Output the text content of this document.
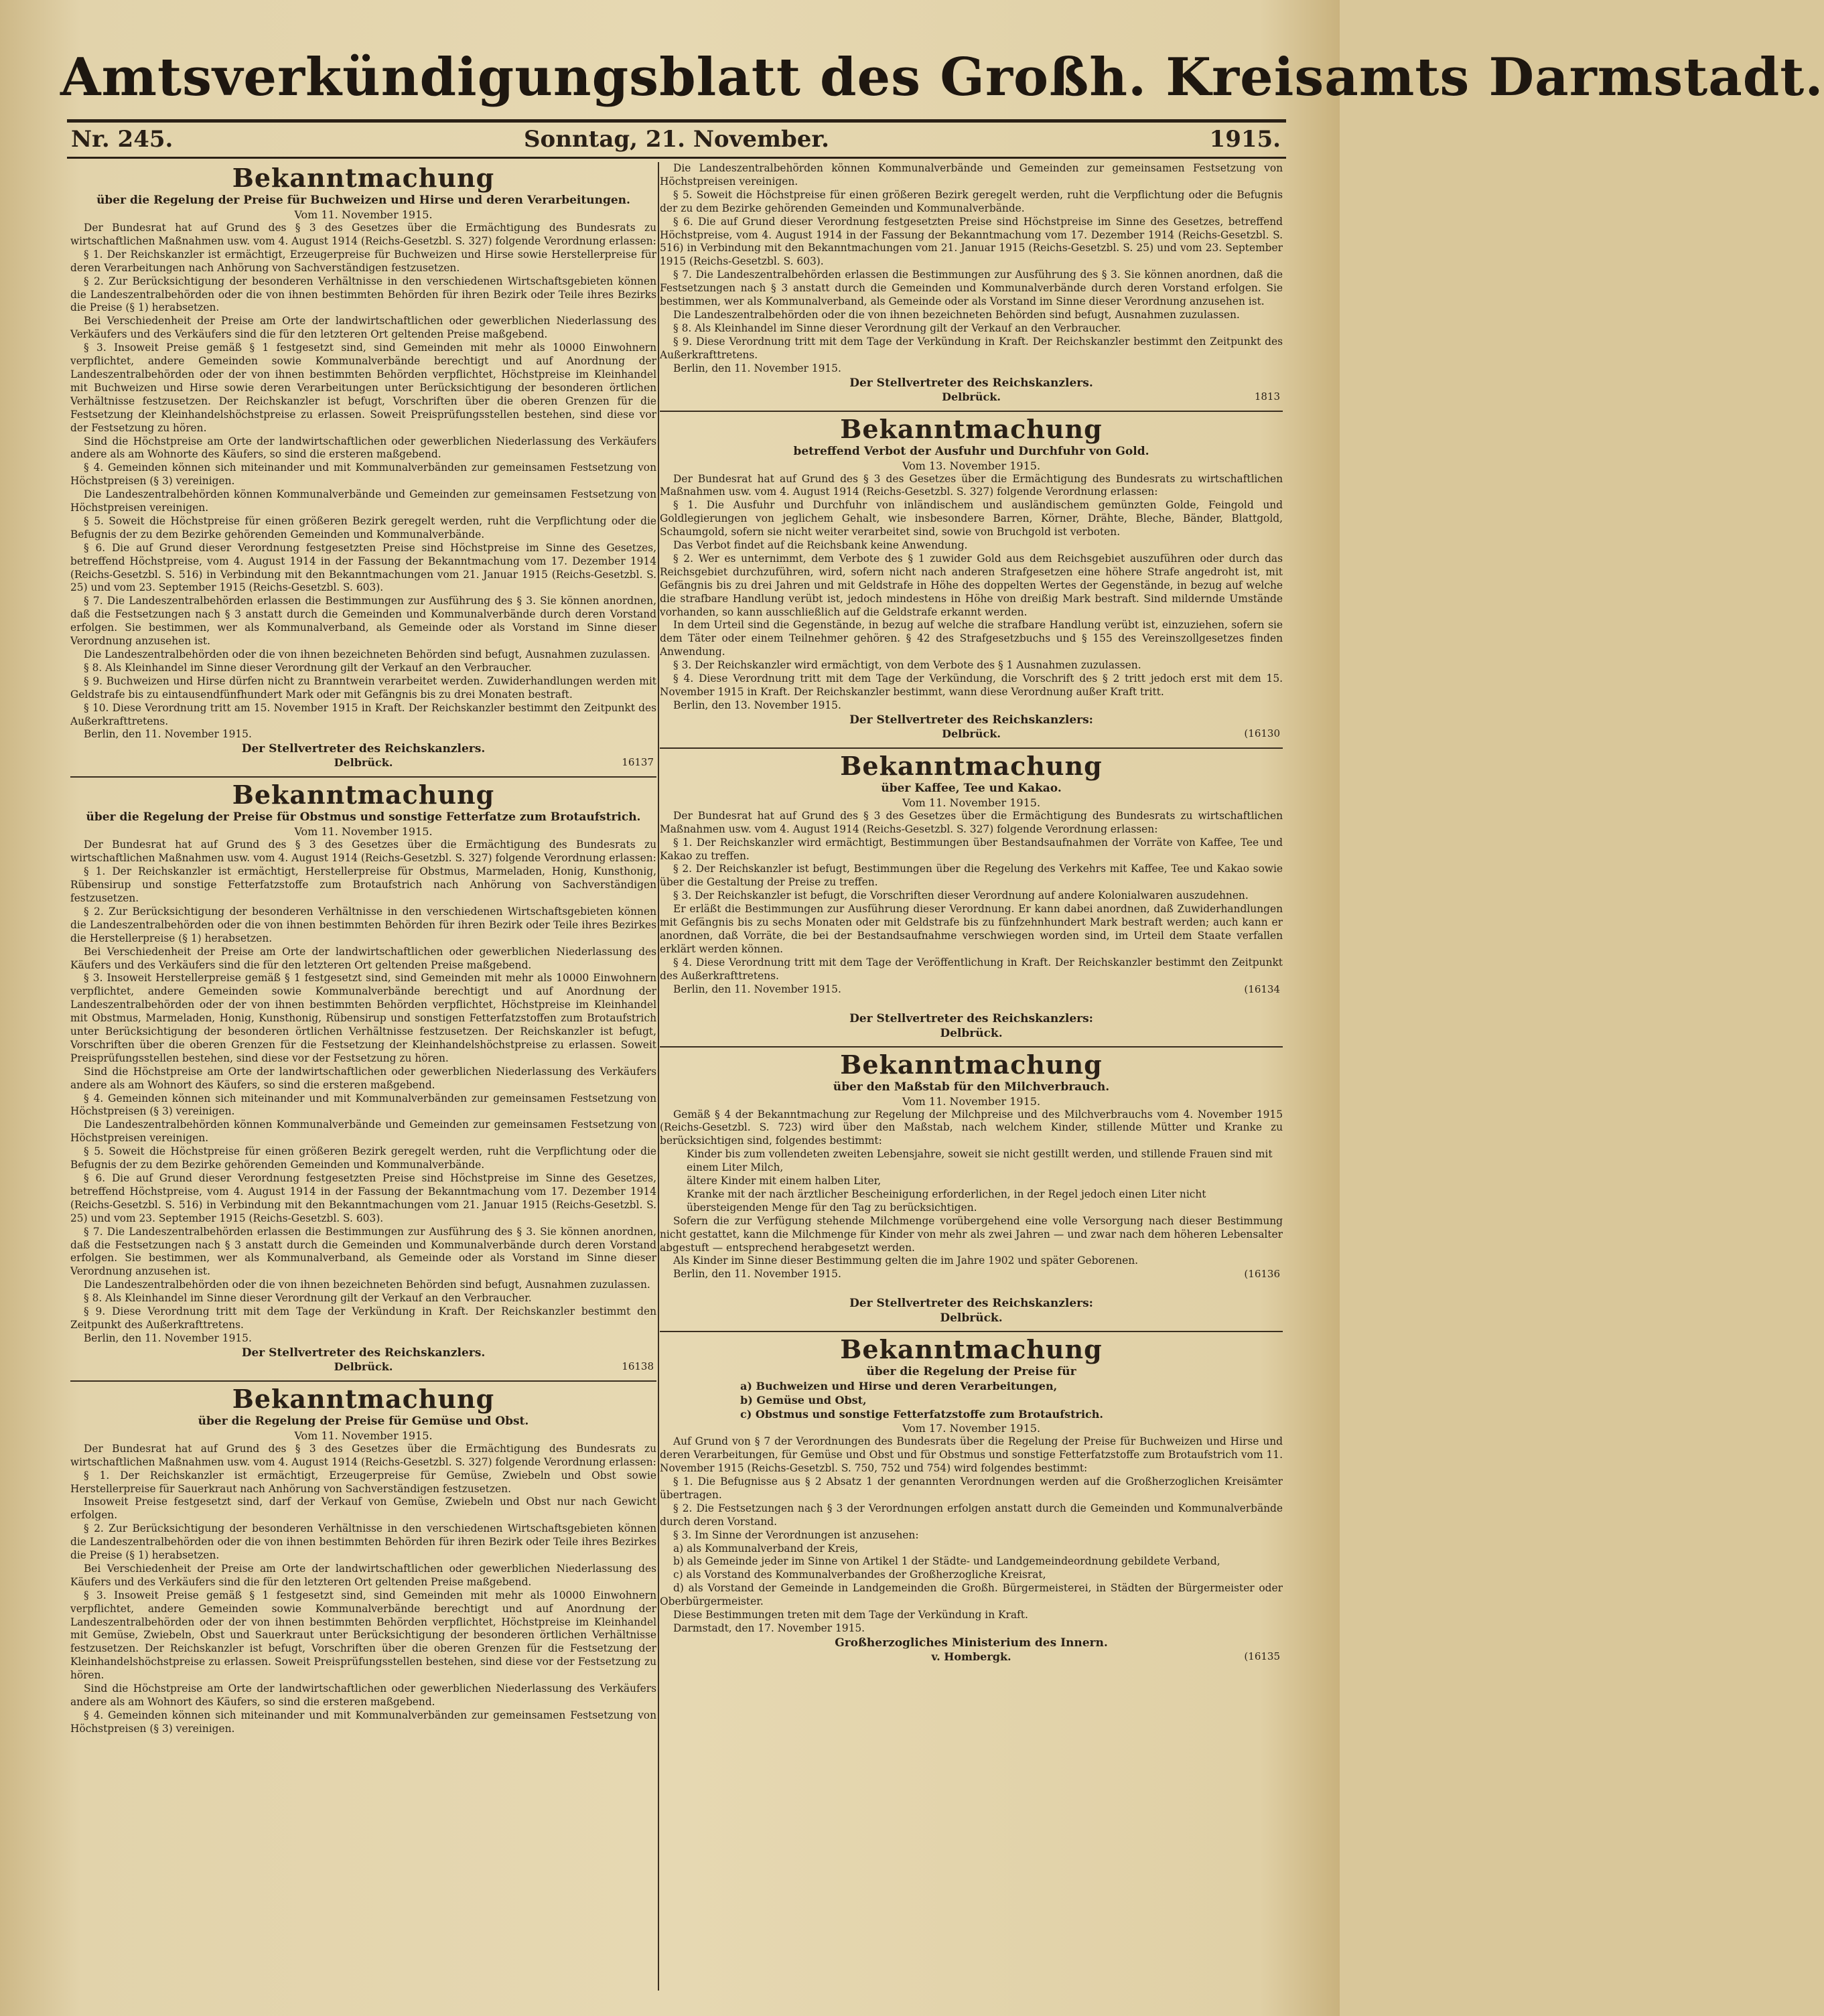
Amtsverkündigungsblatt des Großh. Kreisamts Darmstadt.
Nr. 245.	Sonntag, 21. November.	1915.

Bekanntmachung

über die Regelung der Preise für Buchweizen und Hirse und deren Verarbeitungen.

Vom 11. November 1915.

Der Bundesrat hat auf Grund des § 3 des Gesetzes über die Ermächtigung des Bundesrats zu wirtschaftlichen Maßnahmen usw. vom 4. August 1914 (Reichs-Gesetzbl. S. 327) folgende Verordnung erlassen:

§ 1. Der Reichskanzler ist ermächtigt, Erzeugerpreise für Buchweizen und Hirse sowie Herstellerpreise für deren Verarbeitungen nach Anhörung von Sachverständigen festzusetzen.

§ 2. Zur Berücksichtigung der besonderen Verhältnisse in den verschiedenen Wirtschaftsgebieten können die Landeszentralbehörden oder die von ihnen bestimmten Behörden für ihren Bezirk oder Teile ihres Bezirks die Preise (§ 1) herabsetzen.

Bei Verschiedenheit der Preise am Orte der landwirtschaftlichen oder gewerblichen Niederlassung des Verkäufers und des Verkäufers sind die für den letzteren Ort geltenden Preise maßgebend.

§ 3. Insoweit Preise gemäß § 1 festgesetzt sind, sind Gemeinden mit mehr als 10000 Einwohnern verpflichtet, andere Gemeinden sowie Kommunalverbände berechtigt und auf Anordnung der Landeszentralbehörden oder der von ihnen bestimmten Behörden verpflichtet, Höchstpreise im Kleinhandel mit Buchweizen und Hirse sowie deren Verarbeitungen unter Berücksichtigung der besonderen örtlichen Verhältnisse festzusetzen. Der Reichskanzler ist befugt, Vorschriften über die oberen Grenzen für die Festsetzung der Kleinhandelshöchstpreise zu erlassen. Soweit Preisprüfungsstellen bestehen, sind diese vor der Festsetzung zu hören.

Sind die Höchstpreise am Orte der landwirtschaftlichen oder gewerblichen Niederlassung des Verkäufers andere als am Wohnorte des Käufers, so sind die ersteren maßgebend.

§ 4. Gemeinden können sich miteinander und mit Kommunalverbänden zur gemeinsamen Festsetzung von Höchstpreisen (§ 3) vereinigen.

Die Landeszentralbehörden können Kommunalverbände und Gemeinden zur gemeinsamen Festsetzung von Höchstpreisen vereinigen.

§ 5. Soweit die Höchstpreise für einen größeren Bezirk geregelt werden, ruht die Verpflichtung oder die Befugnis der zu dem Bezirke gehörenden Gemeinden und Kommunalverbände.

§ 6. Die auf Grund dieser Verordnung festgesetzten Preise sind Höchstpreise im Sinne des Gesetzes, betreffend Höchstpreise, vom 4. August 1914 in der Fassung der Bekanntmachung vom 17. Dezember 1914 (Reichs-Gesetzbl. S. 516) in Verbindung mit den Bekanntmachungen vom 21. Januar 1915 (Reichs-Gesetzbl. S. 25) und vom 23. September 1915 (Reichs-Gesetzbl. S. 603).

§ 7. Die Landeszentralbehörden erlassen die Bestimmungen zur Ausführung des § 3. Sie können anordnen, daß die Festsetzungen nach § 3 anstatt durch die Gemeinden und Kommunalverbände durch deren Vorstand erfolgen. Sie bestimmen, wer als Kommunalverband, als Gemeinde oder als Vorstand im Sinne dieser Verordnung anzusehen ist.

Die Landeszentralbehörden oder die von ihnen bezeichneten Behörden sind befugt, Ausnahmen zuzulassen.

§ 8. Als Kleinhandel im Sinne dieser Verordnung gilt der Verkauf an den Verbraucher.

§ 9. Buchweizen und Hirse dürfen nicht zu Branntwein verarbeitet werden. Zuwiderhandlungen werden mit Geldstrafe bis zu eintausendfünfhundert Mark oder mit Gefängnis bis zu drei Monaten bestraft.

§ 10. Diese Verordnung tritt am 15. November 1915 in Kraft. Der Reichskanzler bestimmt den Zeitpunkt des Außerkrafttretens.

Berlin, den 11. November 1915.

Der Stellvertreter des Reichskanzlers.

Delbrück.	16137

Bekanntmachung

über die Regelung der Preise für Obstmus und sonstige Fetterfatze zum Brotaufstrich.

Vom 11. November 1915.

Der Bundesrat hat auf Grund des § 3 des Gesetzes über die Ermächtigung des Bundesrats zu wirtschaftlichen Maßnahmen usw. vom 4. August 1914 (Reichs-Gesetzbl. S. 327) folgende Verordnung erlassen:

§ 1. Der Reichskanzler ist ermächtigt, Herstellerpreise für Obstmus, Marmeladen, Honig, Kunsthonig, Rübensirup und sonstige Fetterfatzstoffe zum Brotaufstrich nach Anhörung von Sachverständigen festzusetzen.

§ 2. Zur Berücksichtigung der besonderen Verhältnisse in den verschiedenen Wirtschaftsgebieten können die Landeszentralbehörden oder die von ihnen bestimmten Behörden für ihren Bezirk oder Teile ihres Bezirkes die Herstellerpreise (§ 1) herabsetzen.

Bei Verschiedenheit der Preise am Orte der landwirtschaftlichen oder gewerblichen Niederlassung des Käufers und des Verkäufers sind die für den letzteren Ort geltenden Preise maßgebend.

§ 3. Insoweit Herstellerpreise gemäß § 1 festgesetzt sind, sind Gemeinden mit mehr als 10000 Einwohnern verpflichtet, andere Gemeinden sowie Kommunalverbände berechtigt und auf Anordnung der Landeszentralbehörden oder der von ihnen bestimmten Behörden verpflichtet, Höchstpreise im Kleinhandel mit Obstmus, Marmeladen, Honig, Kunsthonig, Rübensirup und sonstigen Fetterfatzstoffen zum Brotaufstrich unter Berücksichtigung der besonderen örtlichen Verhältnisse festzusetzen. Der Reichskanzler ist befugt, Vorschriften über die oberen Grenzen für die Festsetzung der Kleinhandelshöchstpreise zu erlassen. Soweit Preisprüfungsstellen bestehen, sind diese vor der Festsetzung zu hören.

Sind die Höchstpreise am Orte der landwirtschaftlichen oder gewerblichen Niederlassung des Verkäufers andere als am Wohnort des Käufers, so sind die ersteren maßgebend.

§ 4. Gemeinden können sich miteinander und mit Kommunalverbänden zur gemeinsamen Festsetzung von Höchstpreisen (§ 3) vereinigen.

Die Landeszentralbehörden können Kommunalverbände und Gemeinden zur gemeinsamen Festsetzung von Höchstpreisen vereinigen.

§ 5. Soweit die Höchstpreise für einen größeren Bezirk geregelt werden, ruht die Verpflichtung oder die Befugnis der zu dem Bezirke gehörenden Gemeinden und Kommunalverbände.

§ 6. Die auf Grund dieser Verordnung festgesetzten Preise sind Höchstpreise im Sinne des Gesetzes, betreffend Höchstpreise, vom 4. August 1914 in der Fassung der Bekanntmachung vom 17. Dezember 1914 (Reichs-Gesetzbl. S. 516) in Verbindung mit den Bekanntmachungen vom 21. Januar 1915 (Reichs-Gesetzbl. S. 25) und vom 23. September 1915 (Reichs-Gesetzbl. S. 603).

§ 7. Die Landeszentralbehörden erlassen die Bestimmungen zur Ausführung des § 3. Sie können anordnen, daß die Festsetzungen nach § 3 anstatt durch die Gemeinden und Kommunalverbände durch deren Vorstand erfolgen. Sie bestimmen, wer als Kommunalverband, als Gemeinde oder als Vorstand im Sinne dieser Verordnung anzusehen ist.

Die Landeszentralbehörden oder die von ihnen bezeichneten Behörden sind befugt, Ausnahmen zuzulassen.

§ 8. Als Kleinhandel im Sinne dieser Verordnung gilt der Verkauf an den Verbraucher.

§ 9. Diese Verordnung tritt mit dem Tage der Verkündung in Kraft. Der Reichskanzler bestimmt den Zeitpunkt des Außerkrafttretens.

Berlin, den 11. November 1915.

Der Stellvertreter des Reichskanzlers.

Delbrück.	16138

Bekanntmachung

über die Regelung der Preise für Gemüse und Obst.

Vom 11. November 1915.

Der Bundesrat hat auf Grund des § 3 des Gesetzes über die Ermächtigung des Bundesrats zu wirtschaftlichen Maßnahmen usw. vom 4. August 1914 (Reichs-Gesetzbl. S. 327) folgende Verordnung erlassen:

§ 1. Der Reichskanzler ist ermächtigt, Erzeugerpreise für Gemüse, Zwiebeln und Obst sowie Herstellerpreise für Sauerkraut nach Anhörung von Sachverständigen festzusetzen.

Insoweit Preise festgesetzt sind, darf der Verkauf von Gemüse, Zwiebeln und Obst nur nach Gewicht erfolgen.

§ 2. Zur Berücksichtigung der besonderen Verhältnisse in den verschiedenen Wirtschaftsgebieten können die Landeszentralbehörden oder die von ihnen bestimmten Behörden für ihren Bezirk oder Teile ihres Bezirkes die Preise (§ 1) herabsetzen.

Bei Verschiedenheit der Preise am Orte der landwirtschaftlichen oder gewerblichen Niederlassung des Käufers und des Verkäufers sind die für den letzteren Ort geltenden Preise maßgebend.

§ 3. Insoweit Preise gemäß § 1 festgesetzt sind, sind Gemeinden mit mehr als 10000 Einwohnern verpflichtet, andere Gemeinden sowie Kommunalverbände berechtigt und auf Anordnung der Landeszentralbehörden oder der von ihnen bestimmten Behörden verpflichtet, Höchstpreise im Kleinhandel mit Gemüse, Zwiebeln, Obst und Sauerkraut unter Berücksichtigung der besonderen örtlichen Verhältnisse festzusetzen. Der Reichskanzler ist befugt, Vorschriften über die oberen Grenzen für die Festsetzung der Kleinhandelshöchstpreise zu erlassen. Soweit Preisprüfungsstellen bestehen, sind diese vor der Festsetzung zu hören.

Sind die Höchstpreise am Orte der landwirtschaftlichen oder gewerblichen Niederlassung des Verkäufers andere als am Wohnort des Käufers, so sind die ersteren maßgebend.

§ 4. Gemeinden können sich miteinander und mit Kommunalverbänden zur gemeinsamen Festsetzung von Höchstpreisen (§ 3) vereinigen.

Die Landeszentralbehörden können Kommunalverbände und Gemeinden zur gemeinsamen Festsetzung von Höchstpreisen vereinigen.

§ 5. Soweit die Höchstpreise für einen größeren Bezirk geregelt werden, ruht die Verpflichtung oder die Befugnis der zu dem Bezirke gehörenden Gemeinden und Kommunalverbände.

§ 6. Die auf Grund dieser Verordnung festgesetzten Preise sind Höchstpreise im Sinne des Gesetzes, betreffend Höchstpreise, vom 4. August 1914 in der Fassung der Bekanntmachung vom 17. Dezember 1914 (Reichs-Gesetzbl. S. 516) in Verbindung mit den Bekanntmachungen vom 21. Januar 1915 (Reichs-Gesetzbl. S. 25) und vom 23. September 1915 (Reichs-Gesetzbl. S. 603).

§ 7. Die Landeszentralbehörden erlassen die Bestimmungen zur Ausführung des § 3. Sie können anordnen, daß die Festsetzungen nach § 3 anstatt durch die Gemeinden und Kommunalverbände durch deren Vorstand erfolgen. Sie bestimmen, wer als Kommunalverband, als Gemeinde oder als Vorstand im Sinne dieser Verordnung anzusehen ist.

Die Landeszentralbehörden oder die von ihnen bezeichneten Behörden sind befugt, Ausnahmen zuzulassen.

§ 8. Als Kleinhandel im Sinne dieser Verordnung gilt der Verkauf an den Verbraucher.

§ 9. Diese Verordnung tritt mit dem Tage der Verkündung in Kraft. Der Reichskanzler bestimmt den Zeitpunkt des Außerkrafttretens.

Berlin, den 11. November 1915.

Der Stellvertreter des Reichskanzlers.

Delbrück.	1813

Bekanntmachung

betreffend Verbot der Ausfuhr und Durchfuhr von Gold.

Vom 13. November 1915.

Der Bundesrat hat auf Grund des § 3 des Gesetzes über die Ermächtigung des Bundesrats zu wirtschaftlichen Maßnahmen usw. vom 4. August 1914 (Reichs-Gesetzbl. S. 327) folgende Verordnung erlassen:

§ 1. Die Ausfuhr und Durchfuhr von inländischem und ausländischem gemünzten Golde, Feingold und Goldlegierungen von jeglichem Gehalt, wie insbesondere Barren, Körner, Drähte, Bleche, Bänder, Blattgold, Schaumgold, sofern sie nicht weiter verarbeitet sind, sowie von Bruchgold ist verboten.

Das Verbot findet auf die Reichsbank keine Anwendung.

§ 2. Wer es unternimmt, dem Verbote des § 1 zuwider Gold aus dem Reichsgebiet auszuführen oder durch das Reichsgebiet durchzuführen, wird, sofern nicht nach anderen Strafgesetzen eine höhere Strafe angedroht ist, mit Gefängnis bis zu drei Jahren und mit Geldstrafe in Höhe des doppelten Wertes der Gegenstände, in bezug auf welche die strafbare Handlung verübt ist, jedoch mindestens in Höhe von dreißig Mark bestraft. Sind mildernde Umstände vorhanden, so kann ausschließlich auf die Geldstrafe erkannt werden.

In dem Urteil sind die Gegenstände, in bezug auf welche die strafbare Handlung verübt ist, einzuziehen, sofern sie dem Täter oder einem Teilnehmer gehören. § 42 des Strafgesetzbuchs und § 155 des Vereinszollgesetzes finden Anwendung.

§ 3. Der Reichskanzler wird ermächtigt, von dem Verbote des § 1 Ausnahmen zuzulassen.

§ 4. Diese Verordnung tritt mit dem Tage der Verkündung, die Vorschrift des § 2 tritt jedoch erst mit dem 15. November 1915 in Kraft. Der Reichskanzler bestimmt, wann diese Verordnung außer Kraft tritt.

Berlin, den 13. November 1915.

Der Stellvertreter des Reichskanzlers:

Delbrück.	(16130

Bekanntmachung

über Kaffee, Tee und Kakao.

Vom 11. November 1915.

Der Bundesrat hat auf Grund des § 3 des Gesetzes über die Ermächtigung des Bundesrats zu wirtschaftlichen Maßnahmen usw. vom 4. August 1914 (Reichs-Gesetzbl. S. 327) folgende Verordnung erlassen:

§ 1. Der Reichskanzler wird ermächtigt, Bestimmungen über Bestandsaufnahmen der Vorräte von Kaffee, Tee und Kakao zu treffen.

§ 2. Der Reichskanzler ist befugt, Bestimmungen über die Regelung des Verkehrs mit Kaffee, Tee und Kakao sowie über die Gestaltung der Preise zu treffen.

§ 3. Der Reichskanzler ist befugt, die Vorschriften dieser Verordnung auf andere Kolonialwaren auszudehnen.

Er erläßt die Bestimmungen zur Ausführung dieser Verordnung. Er kann dabei anordnen, daß Zuwiderhandlungen mit Gefängnis bis zu sechs Monaten oder mit Geldstrafe bis zu fünfzehnhundert Mark bestraft werden; auch kann er anordnen, daß Vorräte, die bei der Bestandsaufnahme verschwiegen worden sind, im Urteil dem Staate verfallen erklärt werden können.

§ 4. Diese Verordnung tritt mit dem Tage der Veröffentlichung in Kraft. Der Reichskanzler bestimmt den Zeitpunkt des Außerkrafttretens.

Berlin, den 11. November 1915.	(16134

Der Stellvertreter des Reichskanzlers:

Delbrück.

Bekanntmachung

über den Maßstab für den Milchverbrauch.

Vom 11. November 1915.

Gemäß § 4 der Bekanntmachung zur Regelung der Milchpreise und des Milchverbrauchs vom 4. November 1915 (Reichs-Gesetzbl. S. 723) wird über den Maßstab, nach welchem Kinder, stillende Mütter und Kranke zu berücksichtigen sind, folgendes bestimmt:

Kinder bis zum vollendeten zweiten Lebensjahre, soweit sie nicht gestillt werden, und stillende Frauen sind mit einem Liter Milch,

ältere Kinder mit einem halben Liter,

Kranke mit der nach ärztlicher Bescheinigung erforderlichen, in der Regel jedoch einen Liter nicht übersteigenden Menge für den Tag zu berücksichtigen.

Sofern die zur Verfügung stehende Milchmenge vorübergehend eine volle Versorgung nach dieser Bestimmung nicht gestattet, kann die Milchmenge für Kinder von mehr als zwei Jahren — und zwar nach dem höheren Lebensalter abgestuft — entsprechend herabgesetzt werden.

Als Kinder im Sinne dieser Bestimmung gelten die im Jahre 1902 und später Geborenen.

Berlin, den 11. November 1915.	(16136

Der Stellvertreter des Reichskanzlers:

Delbrück.

Bekanntmachung

über die Regelung der Preise für

a) Buchweizen und Hirse und deren Verarbeitungen,

b) Gemüse und Obst,

c) Obstmus und sonstige Fetterfatzstoffe zum Brotaufstrich.

Vom 17. November 1915.

Auf Grund von § 7 der Verordnungen des Bundesrats über die Regelung der Preise für Buchweizen und Hirse und deren Verarbeitungen, für Gemüse und Obst und für Obstmus und sonstige Fetterfatzstoffe zum Brotaufstrich vom 11. November 1915 (Reichs-Gesetzbl. S. 750, 752 und 754) wird folgendes bestimmt:

§ 1. Die Befugnisse aus § 2 Absatz 1 der genannten Verordnungen werden auf die Großherzoglichen Kreisämter übertragen.

§ 2. Die Festsetzungen nach § 3 der Verordnungen erfolgen anstatt durch die Gemeinden und Kommunalverbände durch deren Vorstand.

§ 3. Im Sinne der Verordnungen ist anzusehen:

a) als Kommunalverband der Kreis,

b) als Gemeinde jeder im Sinne von Artikel 1 der Städte- und Landgemeindeordnung gebildete Verband,

c) als Vorstand des Kommunalverbandes der Großherzogliche Kreisrat,

d) als Vorstand der Gemeinde in Landgemeinden die Großh. Bürgermeisterei, in Städten der Bürgermeister oder Oberbürgermeister.

Diese Bestimmungen treten mit dem Tage der Verkündung in Kraft.

Darmstadt, den 17. November 1915.

Großherzogliches Ministerium des Innern.

v. Hombergk.	(16135
